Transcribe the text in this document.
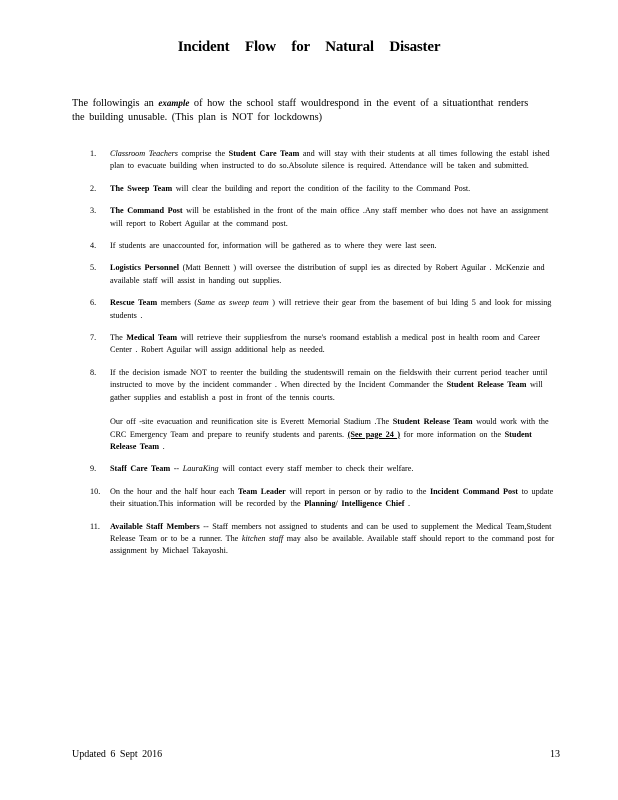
Incident Flow for Natural Disaster
The followingis an example of how the school staff wouldrespond in the event of a situationthat renders the building unusable. (This plan is NOT for lockdowns)
1. Classroom Teachers comprise the Student Care Team and will stay with their students at all times following the establ ished plan to evacuate building when instructed to do so.Absolute silence is required. Attendance will be taken and submitted.

2. The Sweep Team will clear the building and report the condition of the facility to the Command Post.

3. The Command Post will be established in the front of the main office .Any staff member who does not have an assignment will report to Robert Aguilar at the command post.

4. If students are unaccounted for, information will be gathered as to where they were last seen.

5. Logistics Personnel (Matt Bennett ) will oversee the distribution of suppl ies as directed by Robert Aguilar . McKenzie and available staff will assist in handing out supplies.

6. Rescue Team members (Same as sweep team ) will retrieve their gear from the basement of bui lding 5 and look for missing students .

7. The Medical Team will retrieve their suppliesfrom the nurse's roomand establish a medical post in health room and Career Center . Robert Aguilar will assign additional help as needed.

8. If the decision ismade NOT to reenter the building the studentswill remain on the fieldswith their current period teacher until instructed to move by the incident commander . When directed by the Incident Commander the Student Release Team will gather supplies and establish a post in front of the tennis courts.

Our off -site evacuation and reunification site is Everett Memorial Stadium .The Student Release Team would work with the CRC Emergency Team and prepare to reunify students and parents. (See page 24 ) for more information on the Student Release Team .

9. Staff Care Team -- LauraKing will contact every staff member to check their welfare.

10. On the hour and the half hour each Team Leader will report in person or by radio to the Incident Command Post to update their situation.This information will be recorded by the Planning/ Intelligence Chief .

11. Available Staff Members -- Staff members not assigned to students and can be used to supplement the Medical Team,Student Release Team or to be a runner. The kitchen staff may also be available. Available staff should report to the command post for assignment by Michael Takayoshi.

Updated 6 Sept 2016	13
